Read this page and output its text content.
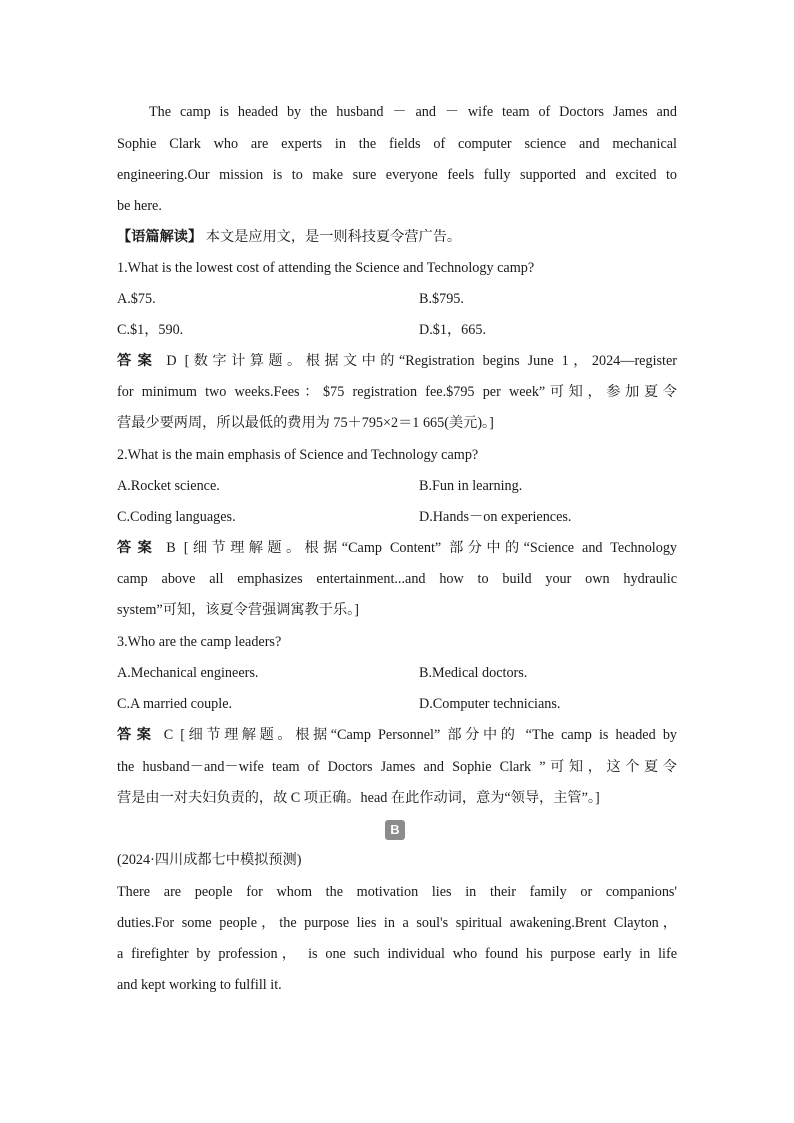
The camp is headed by the husband － and － wife team of Doctors James and
Sophie Clark who are experts in the fields of computer science and mechanical
engineering.Our mission is to make sure everyone feels fully supported and excited to
be here.
【语篇解读】 本文是应用文，是一则科技夏令营广告。
1.What is the lowest cost of attending the Science and Technology camp?
A.$75.	B.$795.
C.$1，590.	D.$1，665.
答案 D [数字计算题。根据文中的“Registration begins June 1，2024—register
for minimum two weeks.Fees：$75 registration fee.$795 per week”可知，参加夏令
营最少要两周，所以最低的费用为 75＋795×2＝1 665(美元)。]
2.What is the main emphasis of Science and Technology camp?
A.Rocket science.	B.Fun in learning.
C.Coding languages.	D.Hands－on experiences.
答案 B [细节理解题。根据“Camp Content” 部分中的“Science and Technology
camp above all emphasizes entertainment...and how to build your own hydraulic
system”可知，该夏令营强调寓教于乐。]
3.Who are the camp leaders?
A.Mechanical engineers.	B.Medical doctors.
C.A married couple.	D.Computer technicians.
答案 C [细节理解题。根据“Camp Personnel” 部分中的 “The camp is headed by
the husband－and－wife team of Doctors James and Sophie Clark ”可知，这个夏令
营是由一对夫妇负责的，故 C 项正确。head 在此作动词，意为“领导，主管”。]
(2024·四川成都七中模拟预测)
There are people for whom the motivation lies in their family or companions'
duties.For some people，the purpose lies in a soul's spiritual awakening.Brent Clayton，
a firefighter by profession， is one such individual who found his purpose early in life
and kept working to fulfill it.
B
